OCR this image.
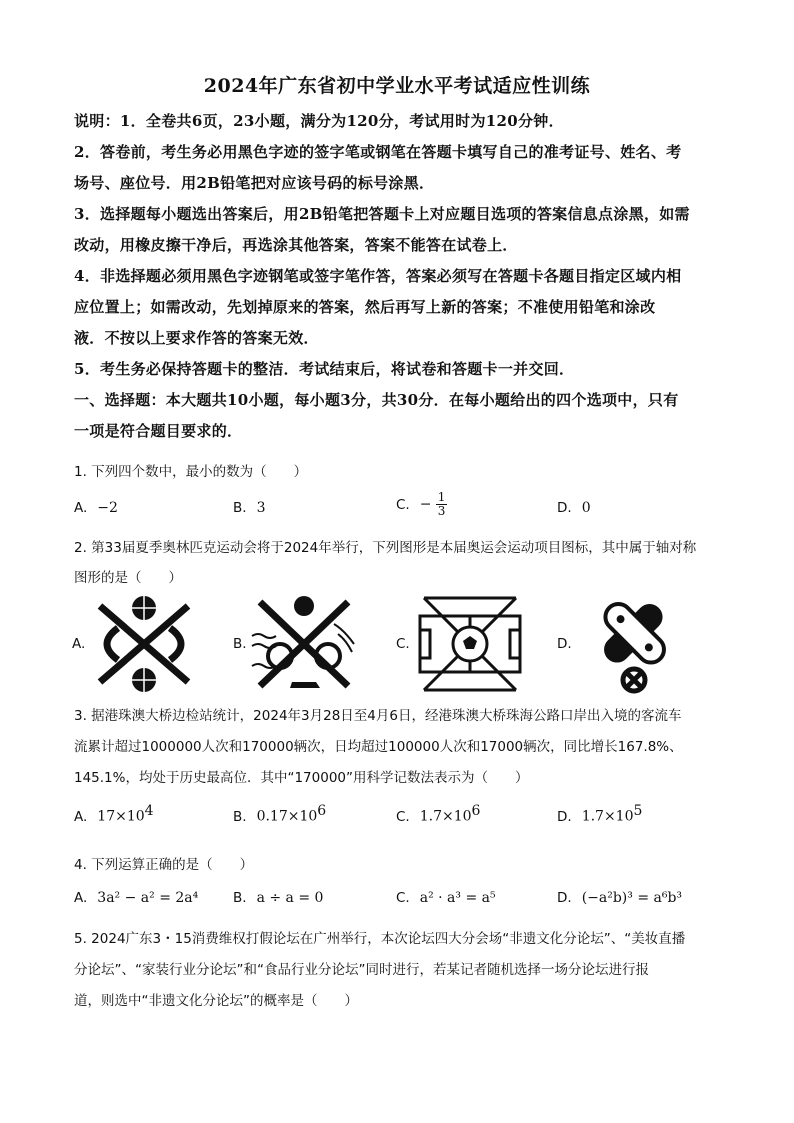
2024年广东省初中学业水平考试适应性训练
说明：1．全卷共6页，23小题，满分为120分，考试用时为120分钟．
2．答卷前，考生务必用黑色字迹的签字笔或钢笔在答题卡填写自己的准考证号、姓名、考
场号、座位号．用2B铅笔把对应该号码的标号涂黑．
3．选择题每小题选出答案后，用2B铅笔把答题卡上对应题目选项的答案信息点涂黑，如需
改动，用橡皮擦干净后，再选涂其他答案，答案不能答在试卷上．
4．非选择题必须用黑色字迹钢笔或签字笔作答，答案必须写在答题卡各题目指定区域内相
应位置上；如需改动，先划掉原来的答案，然后再写上新的答案；不准使用铅笔和涂改
液．不按以上要求作答的答案无效．
5．考生务必保持答题卡的整洁．考试结束后，将试卷和答题卡一并交回．
一、选择题：本大题共10小题，每小题3分，共30分．在每小题给出的四个选项中，只有
一项是符合题目要求的．
1. 下列四个数中，最小的数为（　　）
A. −2	B. 3	C. − $\frac{1}{3}$	D. 0
2. 第33届夏季奥林匹克运动会将于2024年举行，下列图形是本届奥运会运动项目图标，其中属于轴对称
图形的是（　　）
A.	B.	C.	D.
3. 据港珠澳大桥边检站统计，2024年3月28日至4月6日，经港珠澳大桥珠海公路口岸出入境的客流车
流累计超过1000000人次和170000辆次，日均超过100000人次和17000辆次，同比增长167.8%、
145.1%，均处于历史最高位．其中“170000”用科学记数法表示为（　　）
A. $17\times 10^4$	B. $0.17\times 10^6$	C. $1.7\times 10^6$	D. $1.7\times 10^5$
4. 下列运算正确的是（　　）
A. 3a² − a² = 2a⁴	B. a ÷ a = 0	C. a² · a³ = a⁵	D. (−a²b)³ = a⁶b³
5. 2024广东3・15消费维权打假论坛在广州举行，本次论坛四大分会场“非遗文化分论坛”、“美妆直播
分论坛”、“家装行业分论坛”和“食品行业分论坛”同时进行，若某记者随机选择一场分论坛进行报
道，则选中“非遗文化分论坛”的概率是（　　）
